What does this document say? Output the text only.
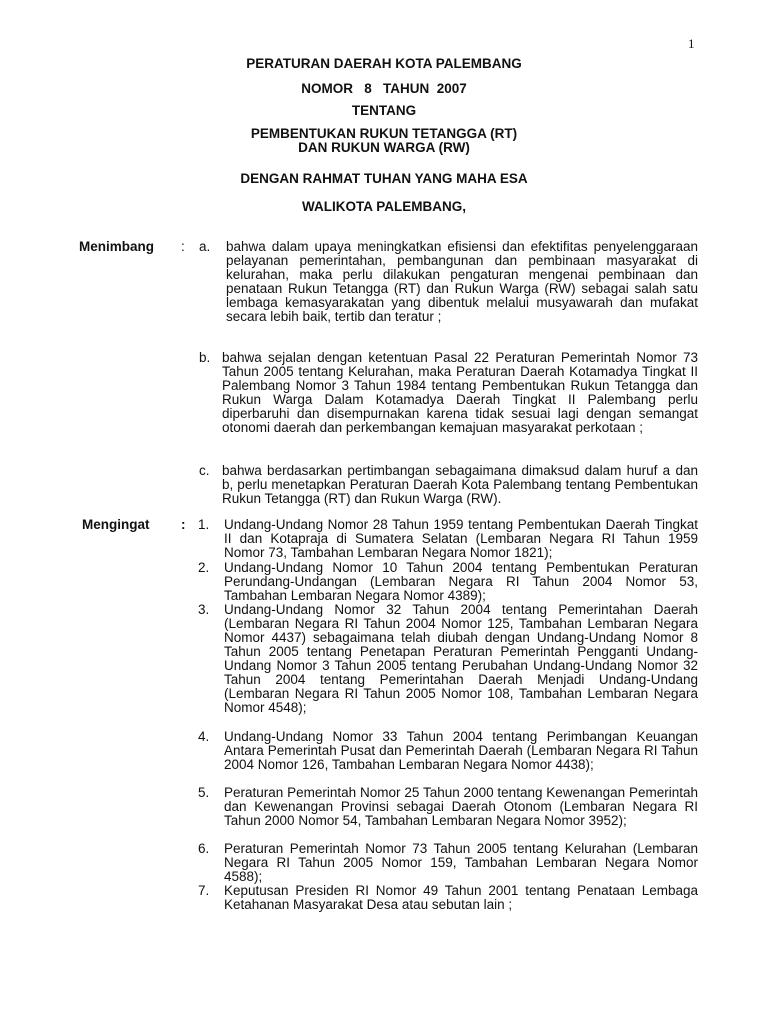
1
PERATURAN DAERAH KOTA PALEMBANG
NOMOR   8   TAHUN  2007
TENTANG
PEMBENTUKAN RUKUN TETANGGA (RT)
DAN RUKUN WARGA (RW)
DENGAN RAHMAT TUHAN YANG MAHA ESA
WALIKOTA PALEMBANG,
Menimbang : a. bahwa dalam upaya meningkatkan efisiensi dan efektifitas penyelenggaraan pelayanan pemerintahan, pembangunan dan pembinaan masyarakat di kelurahan, maka perlu dilakukan pengaturan mengenai pembinaan dan penataan Rukun Tetangga (RT) dan Rukun Warga (RW) sebagai salah satu lembaga kemasyarakatan yang dibentuk melalui musyawarah dan mufakat secara lebih baik, tertib dan teratur ;
b. bahwa sejalan dengan ketentuan Pasal 22 Peraturan Pemerintah Nomor 73 Tahun 2005 tentang Kelurahan, maka Peraturan Daerah Kotamadya Tingkat II Palembang Nomor 3 Tahun 1984 tentang Pembentukan Rukun Tetangga dan Rukun Warga Dalam Kotamadya Daerah Tingkat II Palembang perlu diperbaruhi dan disempurnakan karena tidak sesuai lagi dengan semangat otonomi daerah dan perkembangan kemajuan masyarakat perkotaan ;
c. bahwa berdasarkan pertimbangan sebagaimana dimaksud dalam huruf a dan b, perlu menetapkan Peraturan Daerah Kota Palembang tentang Pembentukan Rukun Tetangga (RT) dan Rukun Warga (RW).
Mengingat : 1. Undang-Undang Nomor 28 Tahun 1959 tentang Pembentukan Daerah Tingkat II dan Kotapraja di Sumatera Selatan (Lembaran Negara RI Tahun 1959 Nomor 73, Tambahan Lembaran Negara Nomor 1821);
2. Undang-Undang Nomor 10 Tahun 2004 tentang Pembentukan Peraturan Perundang-Undangan (Lembaran Negara RI Tahun 2004 Nomor 53, Tambahan Lembaran Negara Nomor 4389);
3. Undang-Undang Nomor 32 Tahun 2004 tentang Pemerintahan Daerah (Lembaran Negara RI Tahun 2004 Nomor 125, Tambahan Lembaran Negara Nomor 4437) sebagaimana telah diubah dengan Undang-Undang Nomor 8 Tahun 2005 tentang Penetapan Peraturan Pemerintah Pengganti Undang-Undang Nomor 3 Tahun 2005 tentang Perubahan Undang-Undang Nomor 32 Tahun 2004 tentang Pemerintahan Daerah Menjadi Undang-Undang (Lembaran Negara RI Tahun 2005 Nomor 108, Tambahan Lembaran Negara Nomor 4548);
4. Undang-Undang Nomor 33 Tahun 2004 tentang Perimbangan Keuangan Antara Pemerintah Pusat dan Pemerintah Daerah (Lembaran Negara RI Tahun 2004 Nomor 126, Tambahan Lembaran Negara Nomor 4438);
5. Peraturan Pemerintah Nomor 25 Tahun 2000 tentang Kewenangan Pemerintah dan Kewenangan Provinsi sebagai Daerah Otonom (Lembaran Negara RI Tahun 2000 Nomor 54, Tambahan Lembaran Negara Nomor 3952);
6. Peraturan Pemerintah Nomor 73 Tahun 2005 tentang Kelurahan (Lembaran Negara RI Tahun 2005 Nomor 159, Tambahan Lembaran Negara Nomor 4588);
7. Keputusan Presiden RI Nomor 49 Tahun 2001 tentang Penataan Lembaga Ketahanan Masyarakat Desa atau sebutan lain ;
